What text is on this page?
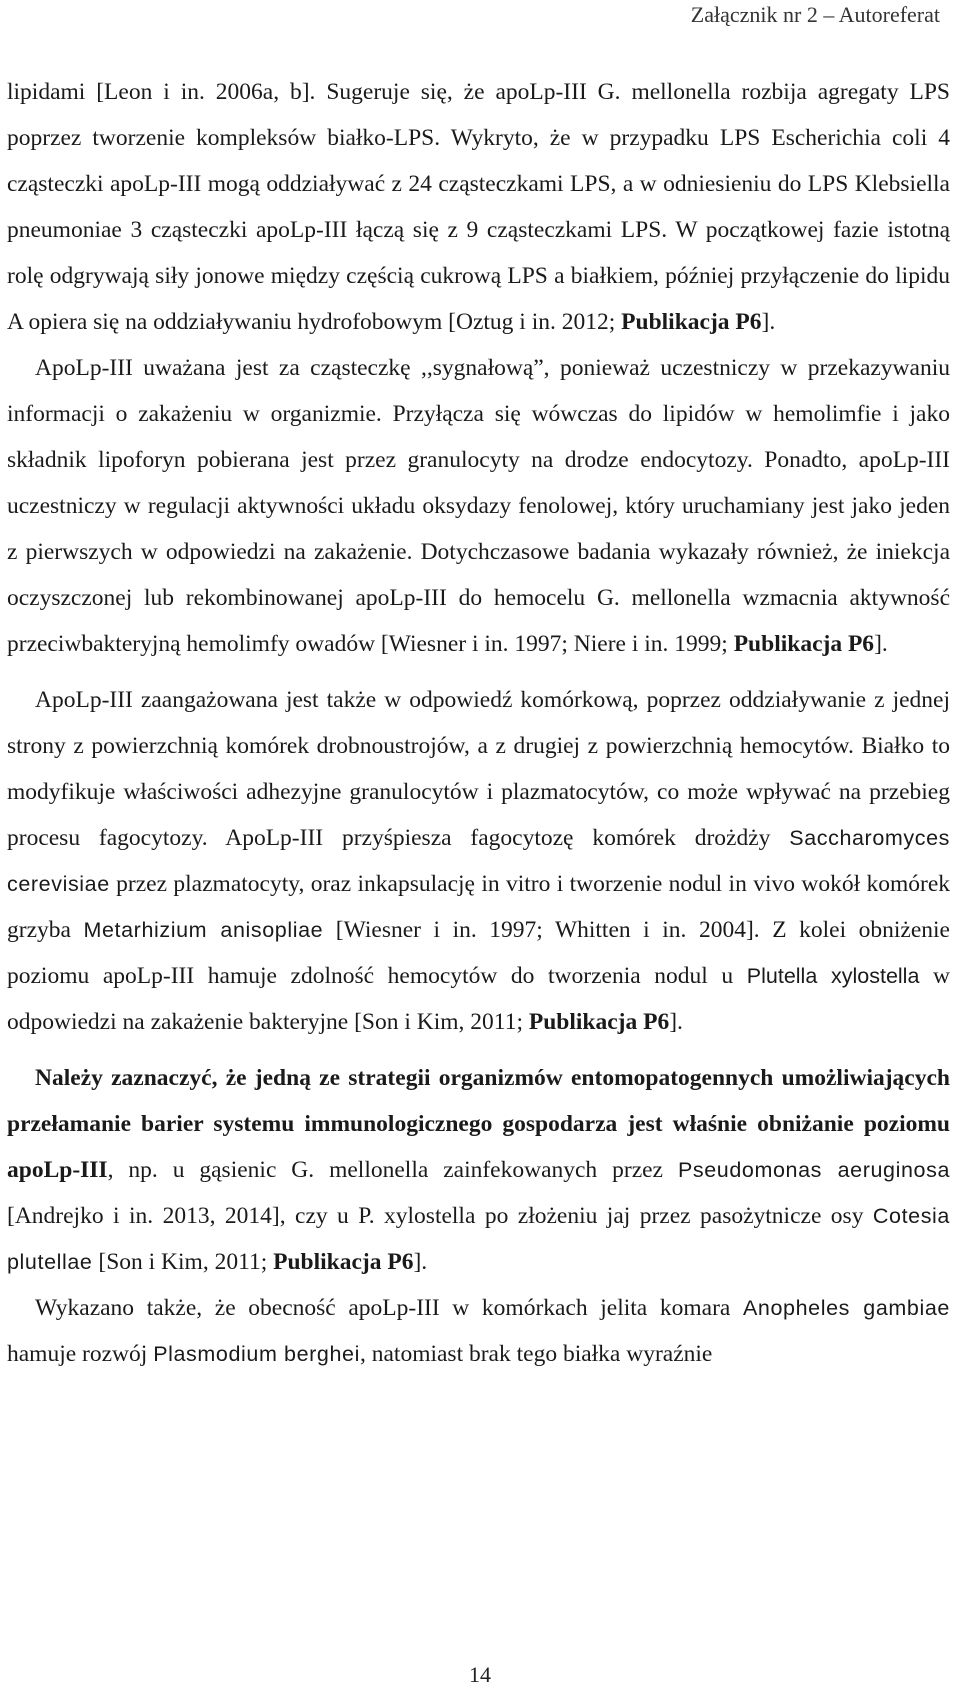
Załącznik nr 2 – Autoreferat

lipidami [Leon i in. 2006a, b]. Sugeruje się, że apoLp-III G. mellonella rozbija agregaty LPS poprzez tworzenie kompleksów białko-LPS. Wykryto, że w przypadku LPS Escherichia coli 4 cząsteczki apoLp-III mogą oddziaływać z 24 cząsteczkami LPS, a w odniesieniu do LPS Klebsiella pneumoniae 3 cząsteczki apoLp-III łączą się z 9 cząsteczkami LPS. W początkowej fazie istotną rolę odgrywają siły jonowe między częścią cukrową LPS a białkiem, później przyłączenie do lipidu A opiera się na oddziaływaniu hydrofobowym [Oztug i in. 2012; Publikacja P6].

ApoLp-III uważana jest za cząsteczkę ,,sygnałową”, ponieważ uczestniczy w przekazywaniu informacji o zakażeniu w organizmie. Przyłącza się wówczas do lipidów w hemolimfie i jako składnik lipoforyn pobierana jest przez granulocyty na drodze endocytozy. Ponadto, apoLp-III uczestniczy w regulacji aktywności układu oksydazy fenolowej, który uruchamiany jest jako jeden z pierwszych w odpowiedzi na zakażenie. Dotychczasowe badania wykazały również, że iniekcja oczyszczonej lub rekombinowanej apoLp-III do hemocelu G. mellonella wzmacnia aktywność przeciwbakteryjną hemolimfy owadów [Wiesner i in. 1997; Niere i in. 1999; Publikacja P6].

ApoLp-III zaangażowana jest także w odpowiedź komórkową, poprzez oddziaływanie z jednej strony z powierzchnią komórek drobnoustrojów, a z drugiej z powierzchnią hemocytów. Białko to modyfikuje właściwości adhezyjne granulocytów i plazmatocytów, co może wpływać na przebieg procesu fagocytozy. ApoLp-III przyśpiesza fagocytozę komórek drożdży Saccharomyces cerevisiae przez plazmatocyty, oraz inkapsulację in vitro i tworzenie nodul in vivo wokół komórek grzyba Metarhizium anisopliae [Wiesner i in. 1997; Whitten i in. 2004]. Z kolei obniżenie poziomu apoLp-III hamuje zdolność hemocytów do tworzenia nodul u Plutella xylostella w odpowiedzi na zakażenie bakteryjne [Son i Kim, 2011; Publikacja P6].

Należy zaznaczyć, że jedną ze strategii organizmów entomopatogennych umożliwiających przełamanie barier systemu immunologicznego gospodarza jest właśnie obniżanie poziomu apoLp-III, np. u gąsienic G. mellonella zainfekowanych przez Pseudomonas aeruginosa [Andrejko i in. 2013, 2014], czy u P. xylostella po złożeniu jaj przez pasożytnicze osy Cotesia plutellae [Son i Kim, 2011; Publikacja P6].

Wykazano także, że obecność apoLp-III w komórkach jelita komara Anopheles gambiae hamuje rozwój Plasmodium berghei, natomiast brak tego białka wyraźnie

14
